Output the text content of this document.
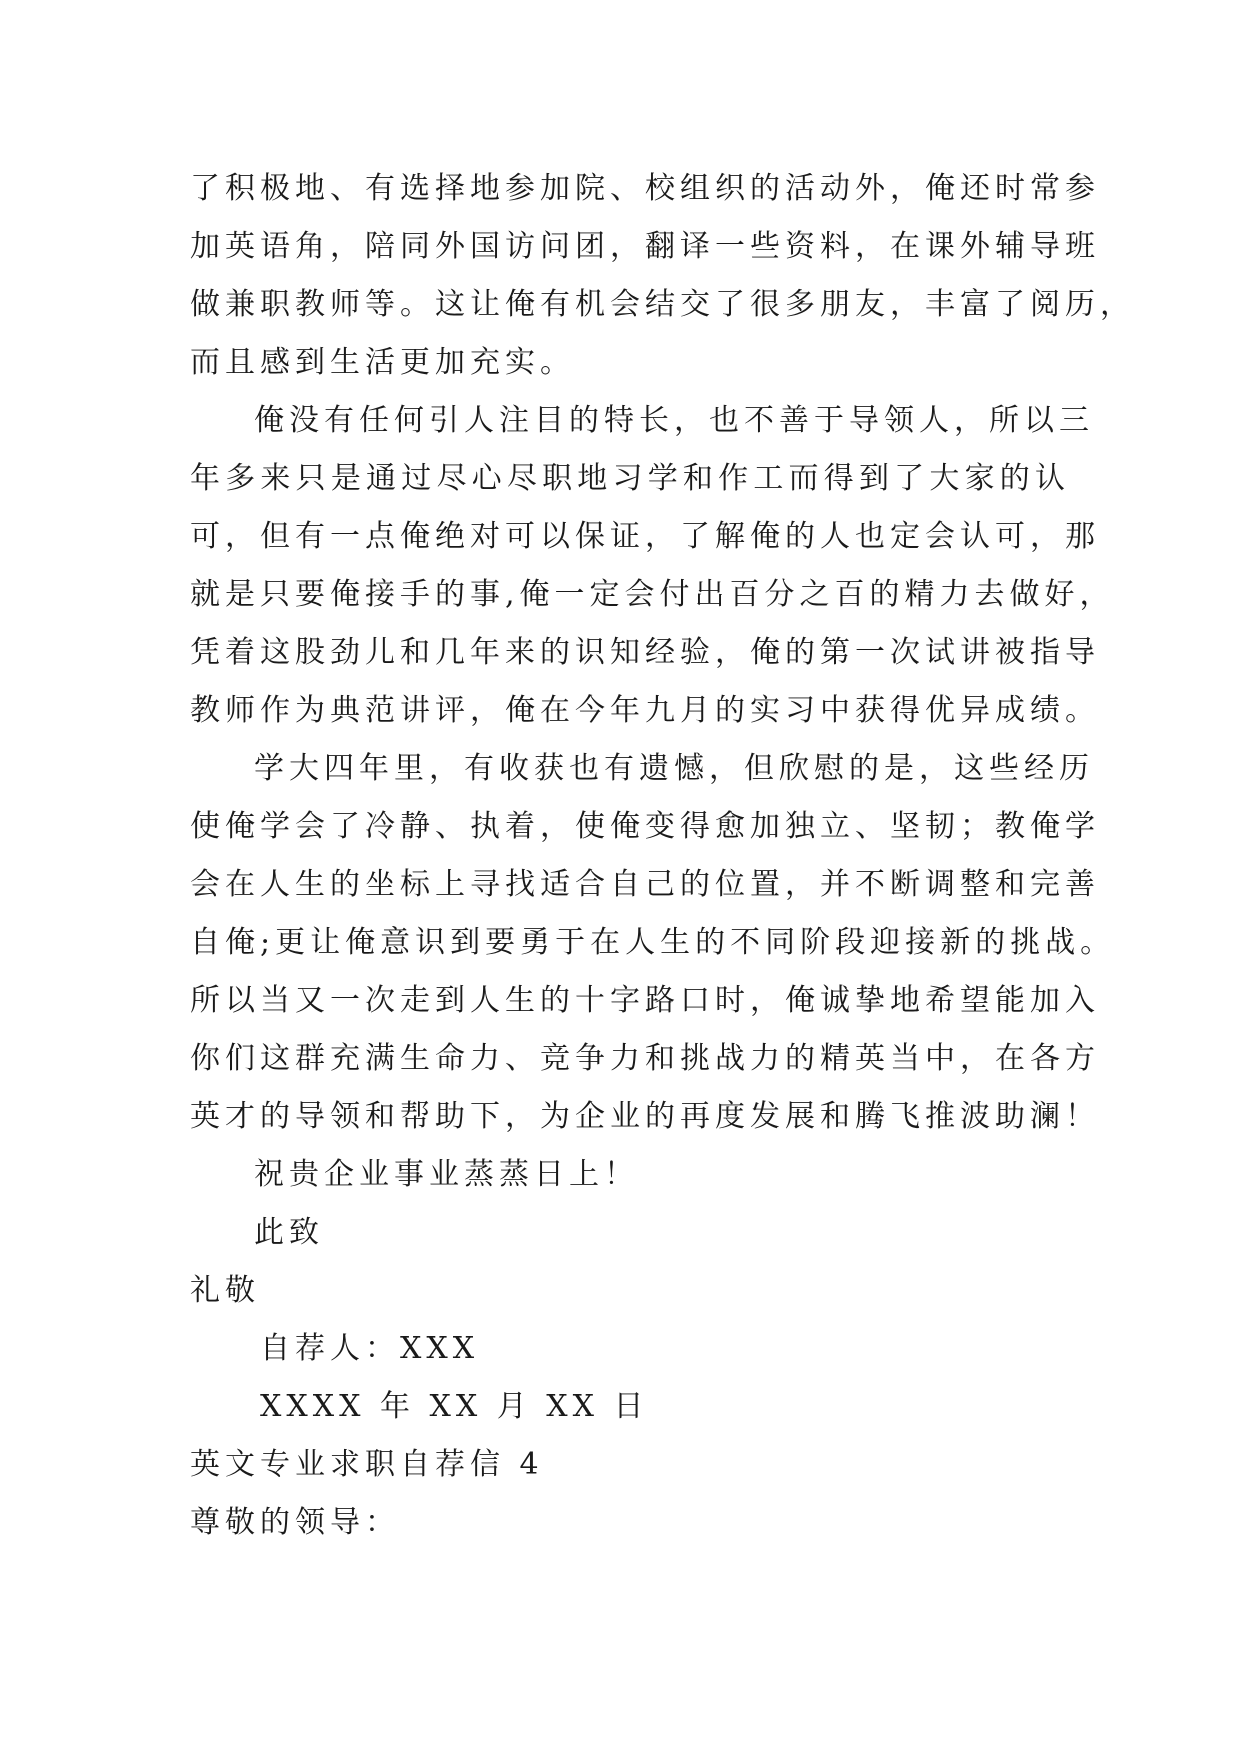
了积极地、有选择地参加院、校组织的活动外，俺还时常参
加英语角，陪同外国访问团，翻译一些资料，在课外辅导班
做兼职教师等。这让俺有机会结交了很多朋友，丰富了阅历，
而且感到生活更加充实。
俺没有任何引人注目的特长，也不善于导领人，所以三
年多来只是通过尽心尽职地习学和作工而得到了大家的认
可，但有一点俺绝对可以保证，了解俺的人也定会认可，那
就是只要俺接手的事,俺一定会付出百分之百的精力去做好，
凭着这股劲儿和几年来的识知经验，俺的第一次试讲被指导
教师作为典范讲评，俺在今年九月的实习中获得优异成绩。
学大四年里，有收获也有遗憾，但欣慰的是，这些经历
使俺学会了冷静、执着，使俺变得愈加独立、坚韧；教俺学
会在人生的坐标上寻找适合自己的位置，并不断调整和完善
自俺;更让俺意识到要勇于在人生的不同阶段迎接新的挑战。
所以当又一次走到人生的十字路口时，俺诚挚地希望能加入
你们这群充满生命力、竞争力和挑战力的精英当中，在各方
英才的导领和帮助下，为企业的再度发展和腾飞推波助澜！
祝贵企业事业蒸蒸日上！
此致
礼敬
自荐人：XXX
XXXX 年 XX 月 XX 日
英文专业求职自荐信 4
尊敬的领导：
